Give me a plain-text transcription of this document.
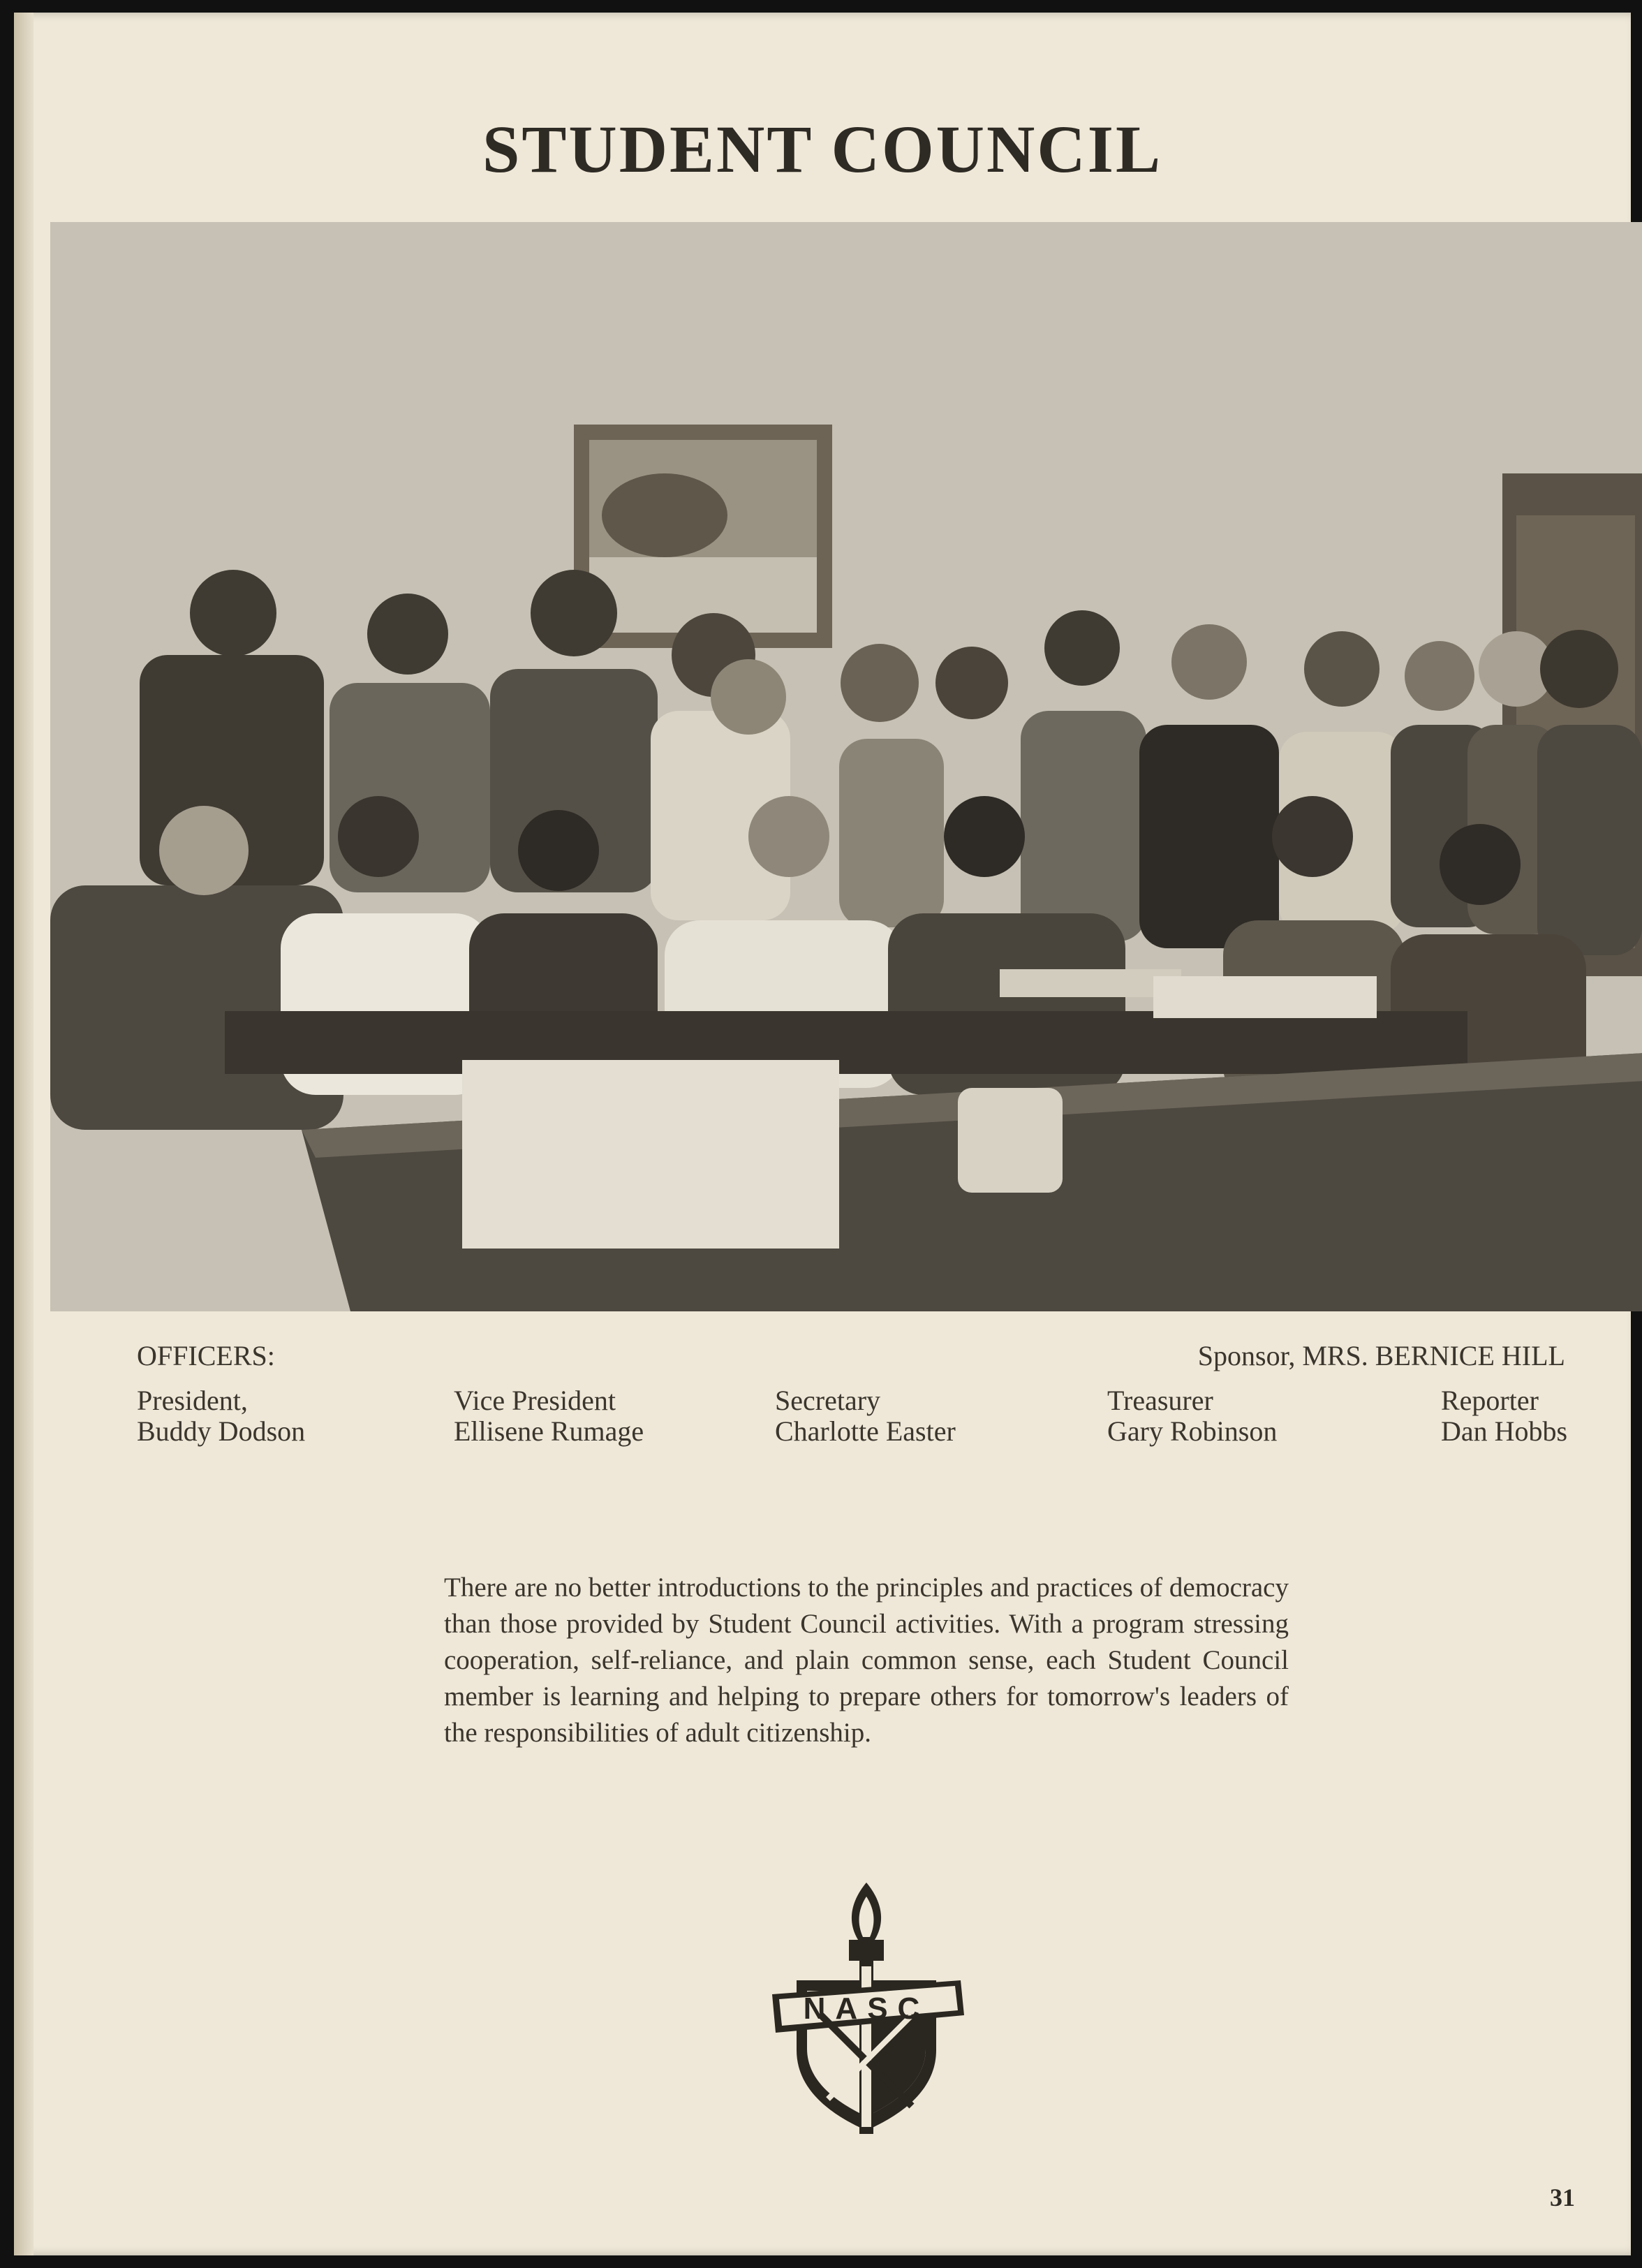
STUDENT COUNCIL
OFFICERS:	Sponsor, MRS. BERNICE HILL
President,
Buddy Dodson
Vice President
Ellisene Rumage
Secretary
Charlotte Easter
Treasurer
Gary Robinson
Reporter
Dan Hobbs
There are no better introductions to the principles and practices of democracy than those provided by Student Council activities. With a program stressing cooperation, self-reliance, and plain common sense, each Student Council member is learning and helping to prepare others for tomorrow's leaders of the responsibilities of adult citizenship.
NASC
31
